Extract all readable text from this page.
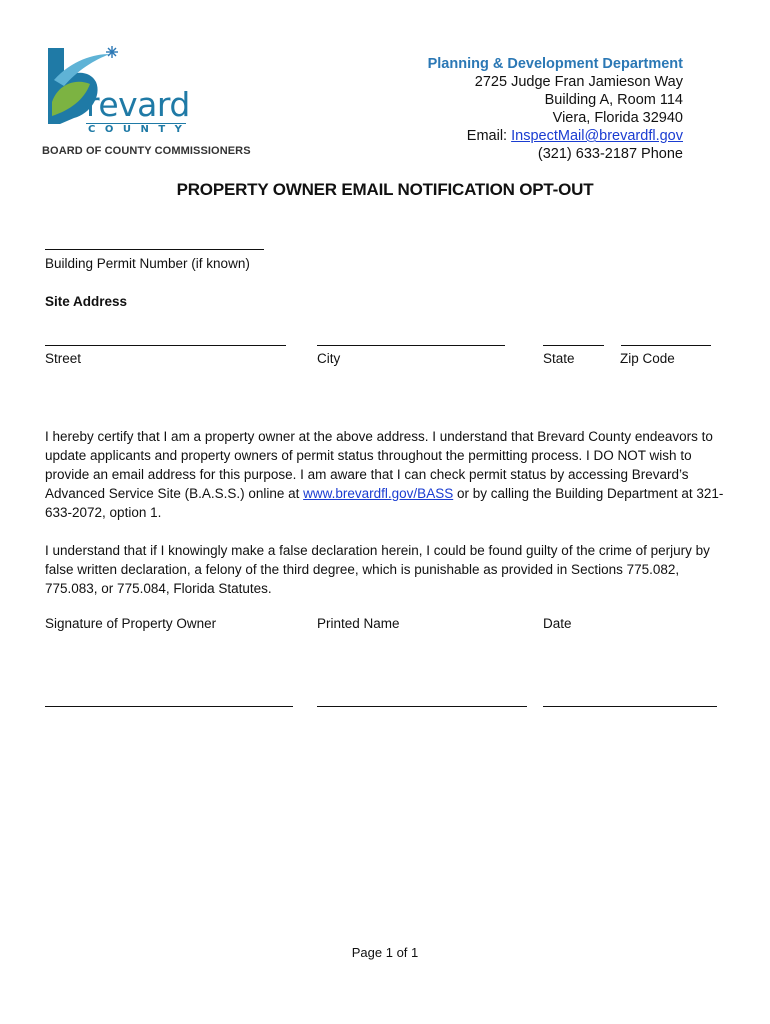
revard
COUNTY
BOARD OF COUNTY COMMISSIONERS
Planning & Development Department
2725 Judge Fran Jamieson Way
Building A, Room 114
Viera, Florida 32940
Email: InspectMail@brevardfl.gov
(321) 633-2187 Phone
PROPERTY OWNER EMAIL NOTIFICATION OPT-OUT
Building Permit Number (if known)
Site Address
Street	City	State	Zip Code
I hereby certify that I am a property owner at the above address. I understand that Brevard County endeavors to update applicants and property owners of permit status throughout the permitting process. I DO NOT wish to provide an email address for this purpose. I am aware that I can check permit status by accessing Brevard’s Advanced Service Site (B.A.S.S.) online at www.brevardfl.gov/BASS or by calling the Building Department at 321-633-2072, option 1.
I understand that if I knowingly make a false declaration herein, I could be found guilty of the crime of perjury by false written declaration, a felony of the third degree, which is punishable as provided in Sections 775.082, 775.083, or 775.084, Florida Statutes.
Signature of Property Owner	Printed Name	Date
Page 1 of 1
